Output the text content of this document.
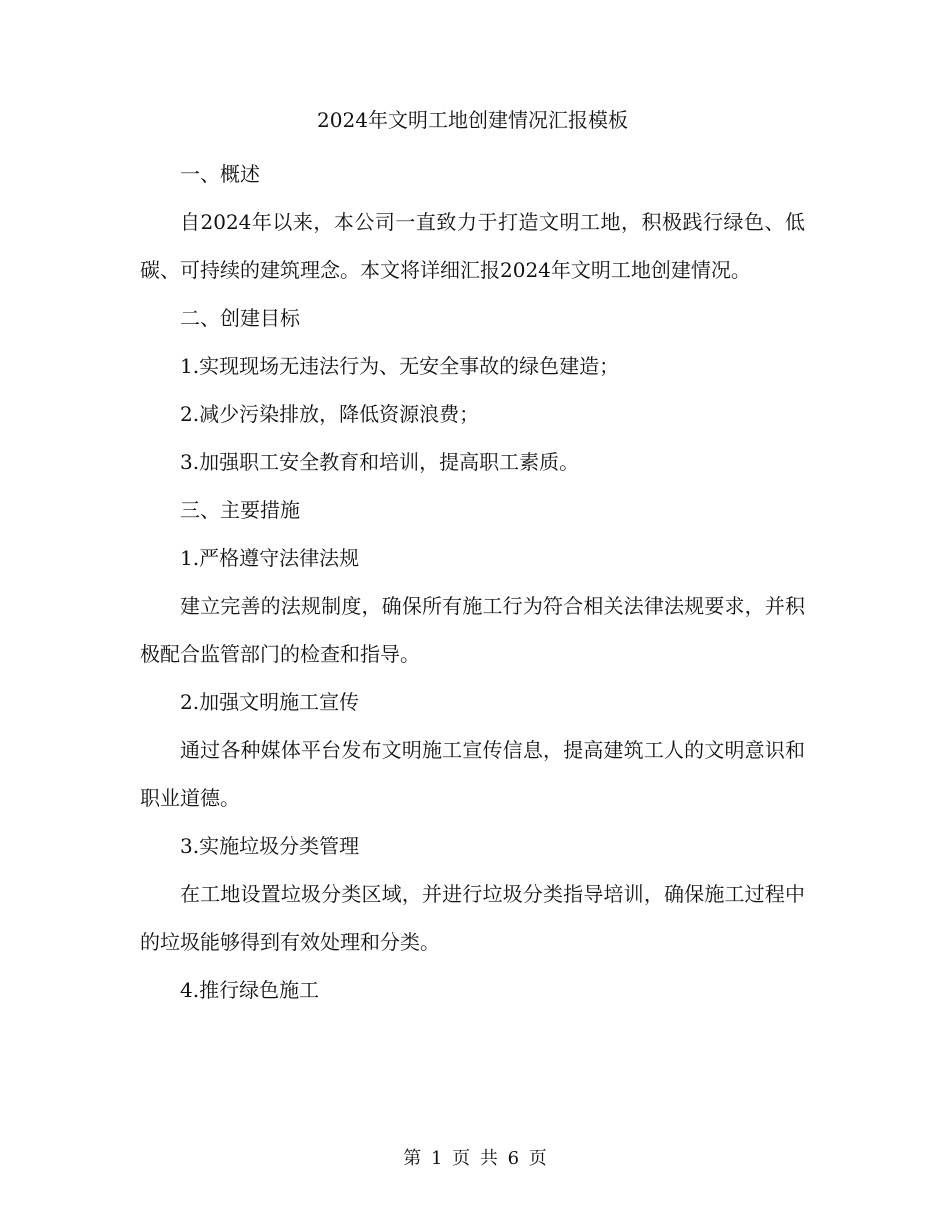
2024年文明工地创建情况汇报模板

一、概述

自2024年以来，本公司一直致力于打造文明工地，积极践行绿色、低碳、可持续的建筑理念。本文将详细汇报2024年文明工地创建情况。

二、创建目标

1.实现现场无违法行为、无安全事故的绿色建造；

2.减少污染排放，降低资源浪费；

3.加强职工安全教育和培训，提高职工素质。

三、主要措施

1.严格遵守法律法规

建立完善的法规制度，确保所有施工行为符合相关法律法规要求，并积极配合监管部门的检查和指导。

2.加强文明施工宣传

通过各种媒体平台发布文明施工宣传信息，提高建筑工人的文明意识和职业道德。

3.实施垃圾分类管理

在工地设置垃圾分类区域，并进行垃圾分类指导培训，确保施工过程中的垃圾能够得到有效处理和分类。

4.推行绿色施工

第 1 页 共 6 页
